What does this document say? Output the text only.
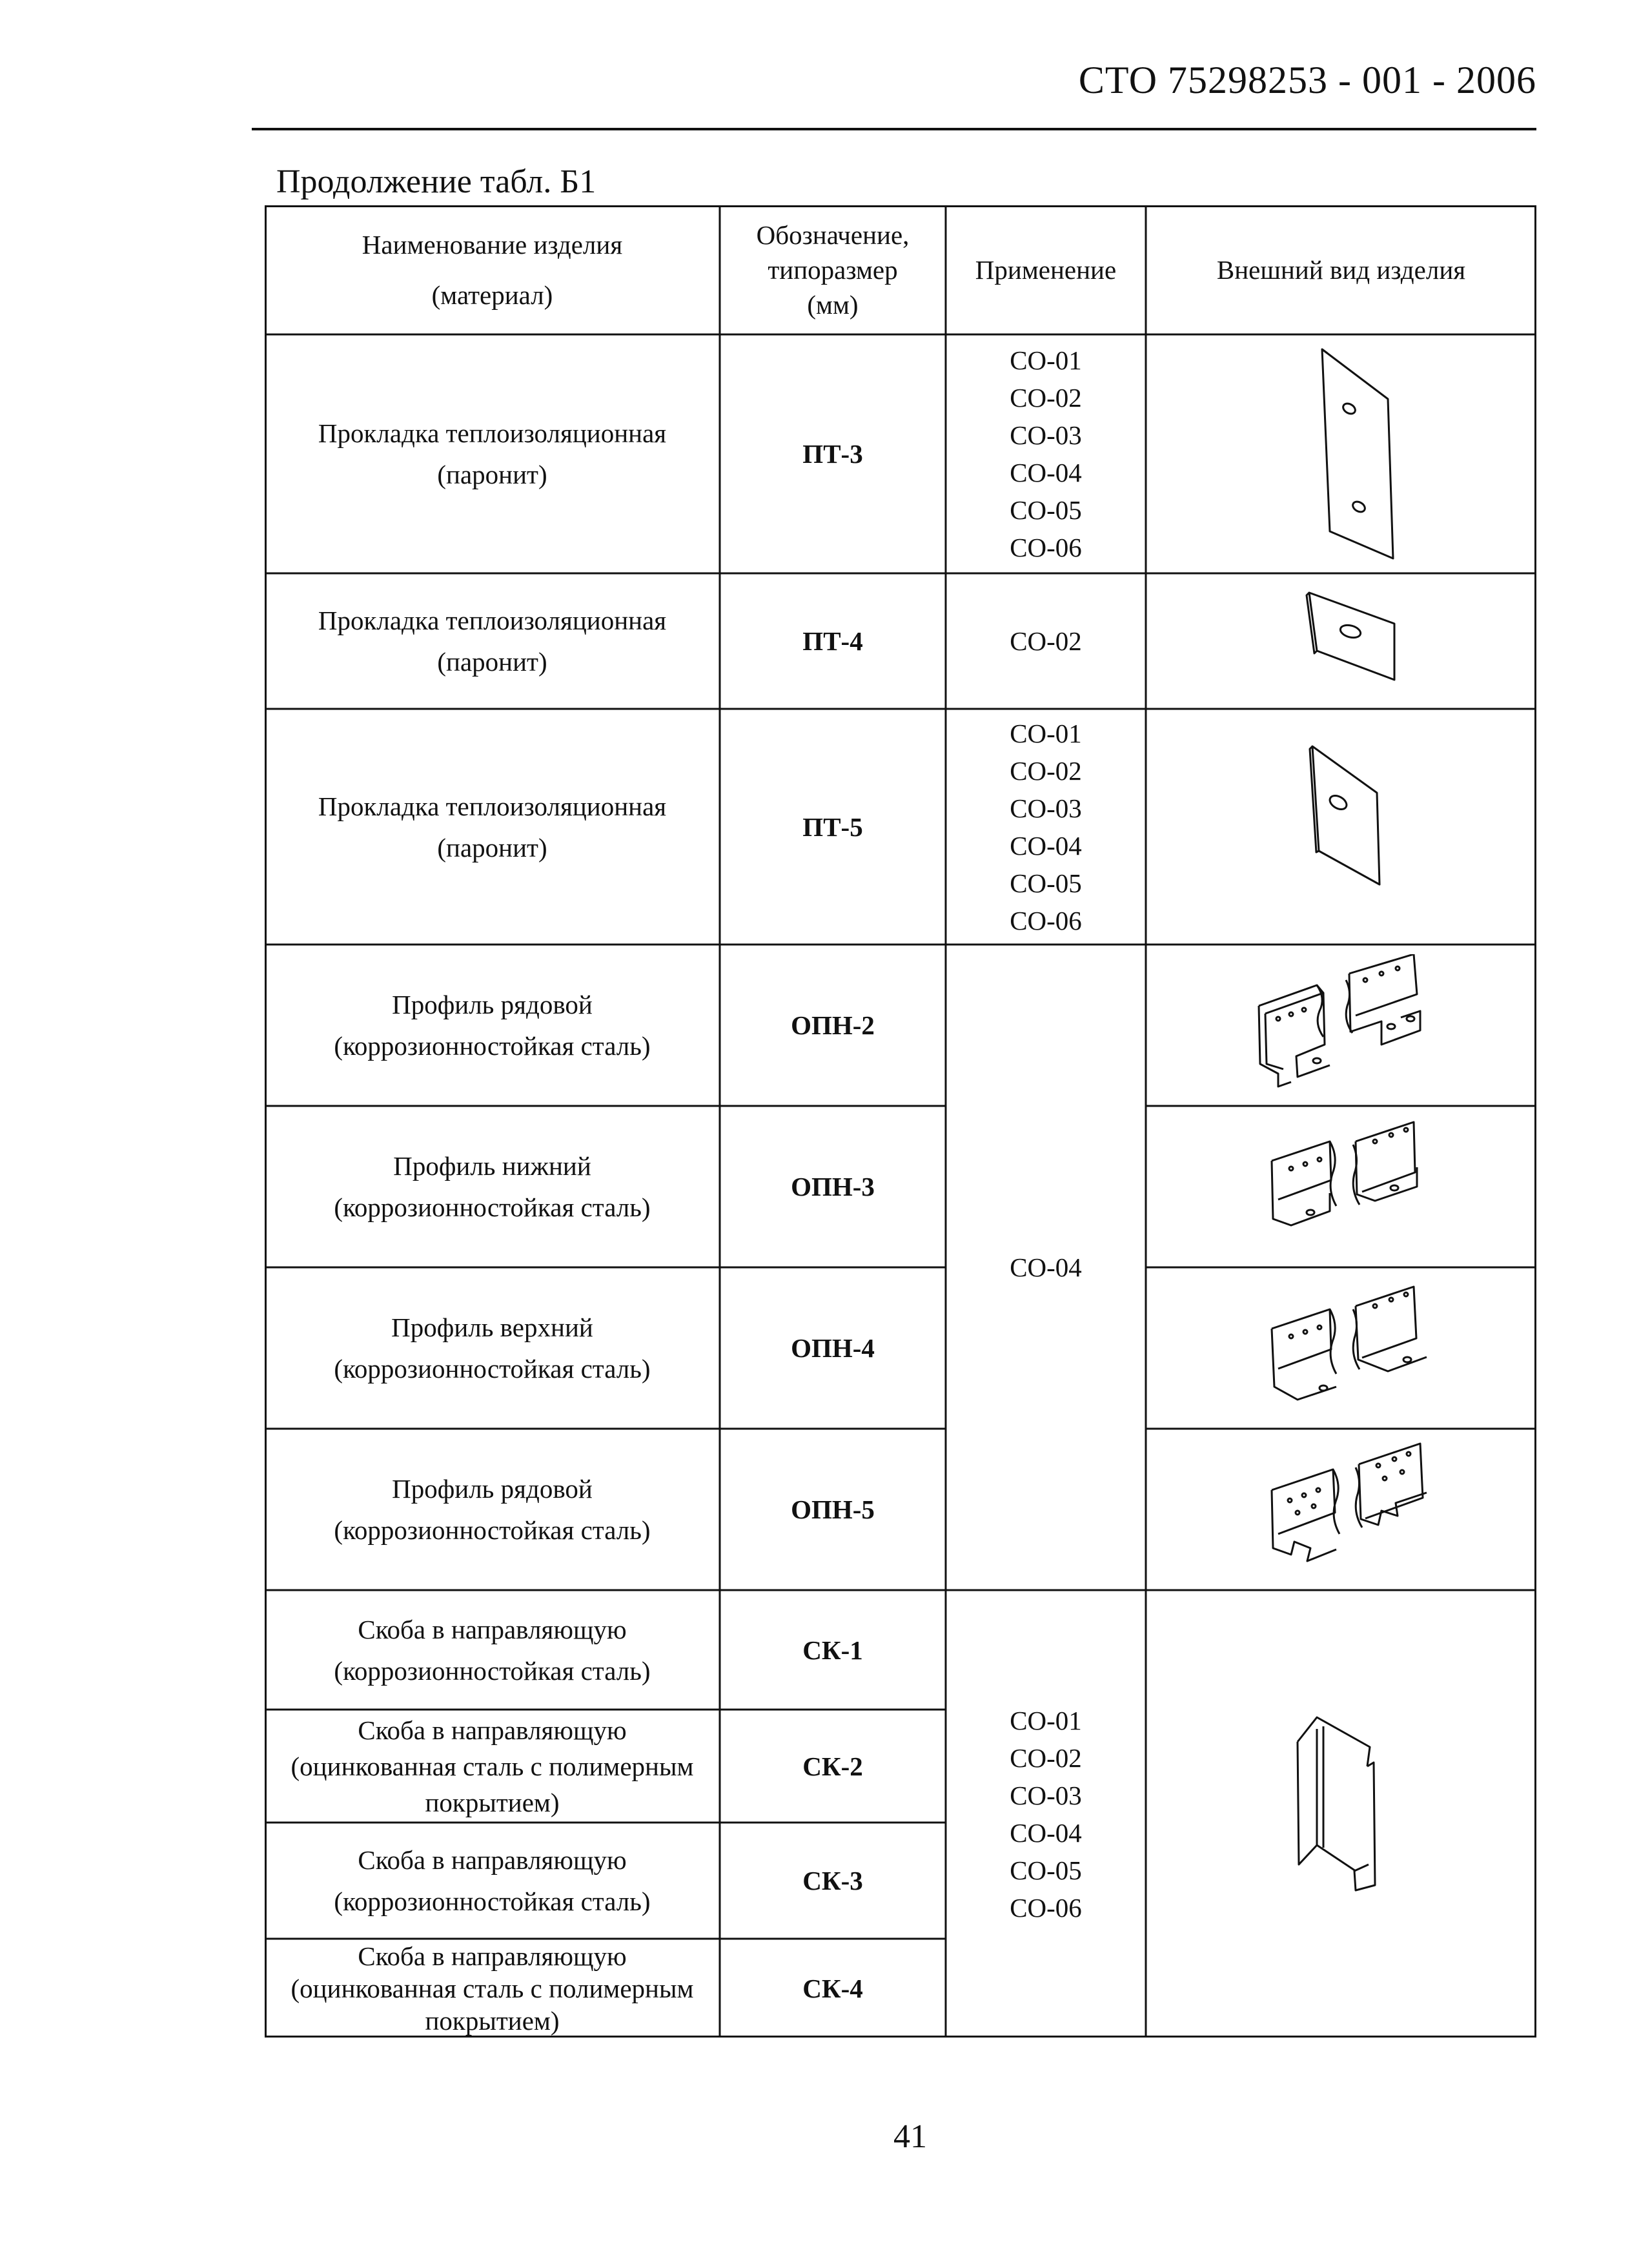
СТО 75298253 - 001 - 2006
Продолжение табл. Б1
Наименование изделия
(материал)
Обозначение,
типоразмер
(мм)
Применение	Внешний вид изделия
Прокладка теплоизоляционная
(паронит)
ПТ-3
СО-01
СО-02
СО-03
СО-04
СО-05
СО-06
Прокладка теплоизоляционная
(паронит)
ПТ-4	СО-02
Прокладка теплоизоляционная
(паронит)
ПТ-5
СО-01
СО-02
СО-03
СО-04
СО-05
СО-06
СО-04
Профиль рядовой
(коррозионностойкая сталь)
ОПН-2
Профиль нижний
(коррозионностойкая сталь)
ОПН-3
Профиль верхний
(коррозионностойкая сталь)
ОПН-4
Профиль рядовой
(коррозионностойкая сталь)
ОПН-5
СО-01
СО-02
СО-03
СО-04
СО-05
СО-06
Скоба в направляющую
(коррозионностойкая сталь)
СК-1
Скоба в направляющую
(оцинкованная сталь с полимерным
покрытием)
СК-2
Скоба в направляющую
(коррозионностойкая сталь)
СК-3
Скоба в направляющую
(оцинкованная сталь с полимерным
покрытием)
СК-4
41
